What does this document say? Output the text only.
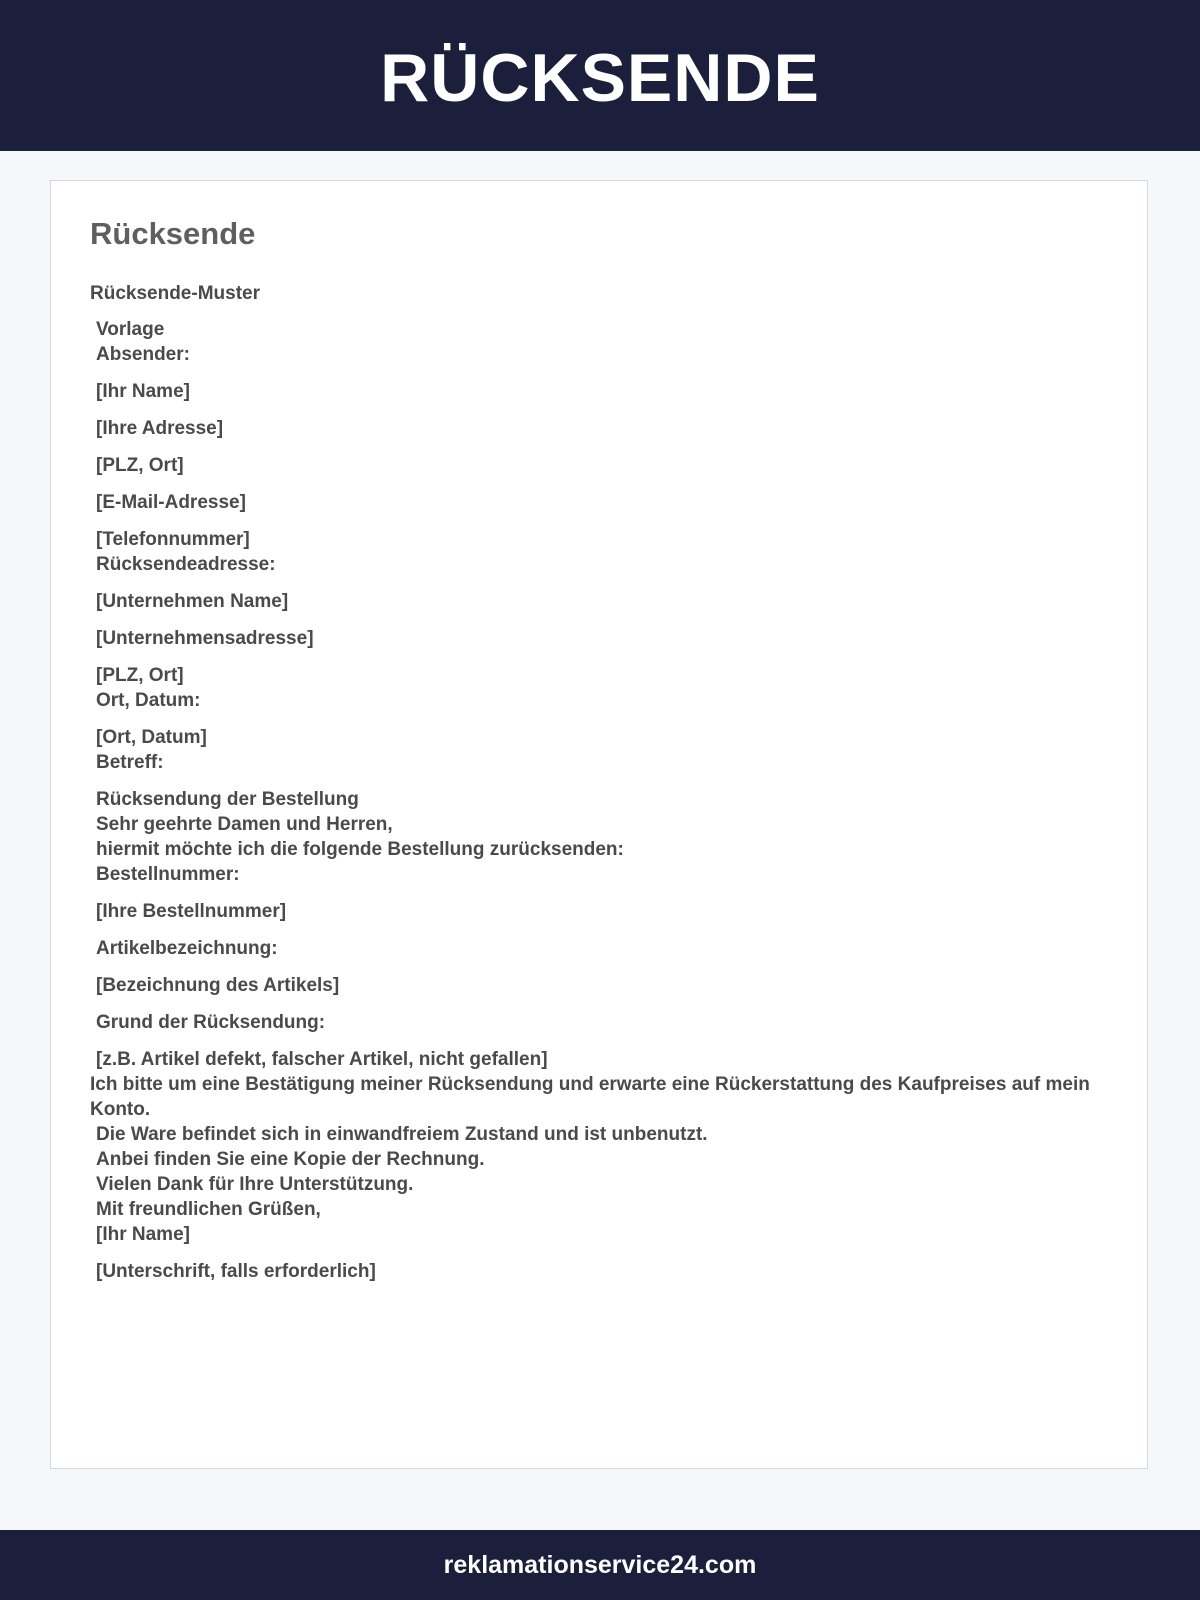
RÜCKSENDE
Rücksende
Rücksende-Muster
Vorlage
Absender:
[Ihr Name]
[Ihre Adresse]
[PLZ, Ort]
[E-Mail-Adresse]
[Telefonnummer]
Rücksendeadresse:
[Unternehmen Name]
[Unternehmensadresse]
[PLZ, Ort]
Ort, Datum:
[Ort, Datum]
Betreff:
Rücksendung der Bestellung
Sehr geehrte Damen und Herren,
hiermit möchte ich die folgende Bestellung zurücksenden:
Bestellnummer:
[Ihre Bestellnummer]
Artikelbezeichnung:
[Bezeichnung des Artikels]
Grund der Rücksendung:
[z.B. Artikel defekt, falscher Artikel, nicht gefallen]
Ich bitte um eine Bestätigung meiner Rücksendung und erwarte eine Rückerstattung des Kaufpreises auf mein Konto.
Die Ware befindet sich in einwandfreiem Zustand und ist unbenutzt.
Anbei finden Sie eine Kopie der Rechnung.
Vielen Dank für Ihre Unterstützung.
Mit freundlichen Grüßen,
[Ihr Name]
[Unterschrift, falls erforderlich]
reklamationservice24.com
